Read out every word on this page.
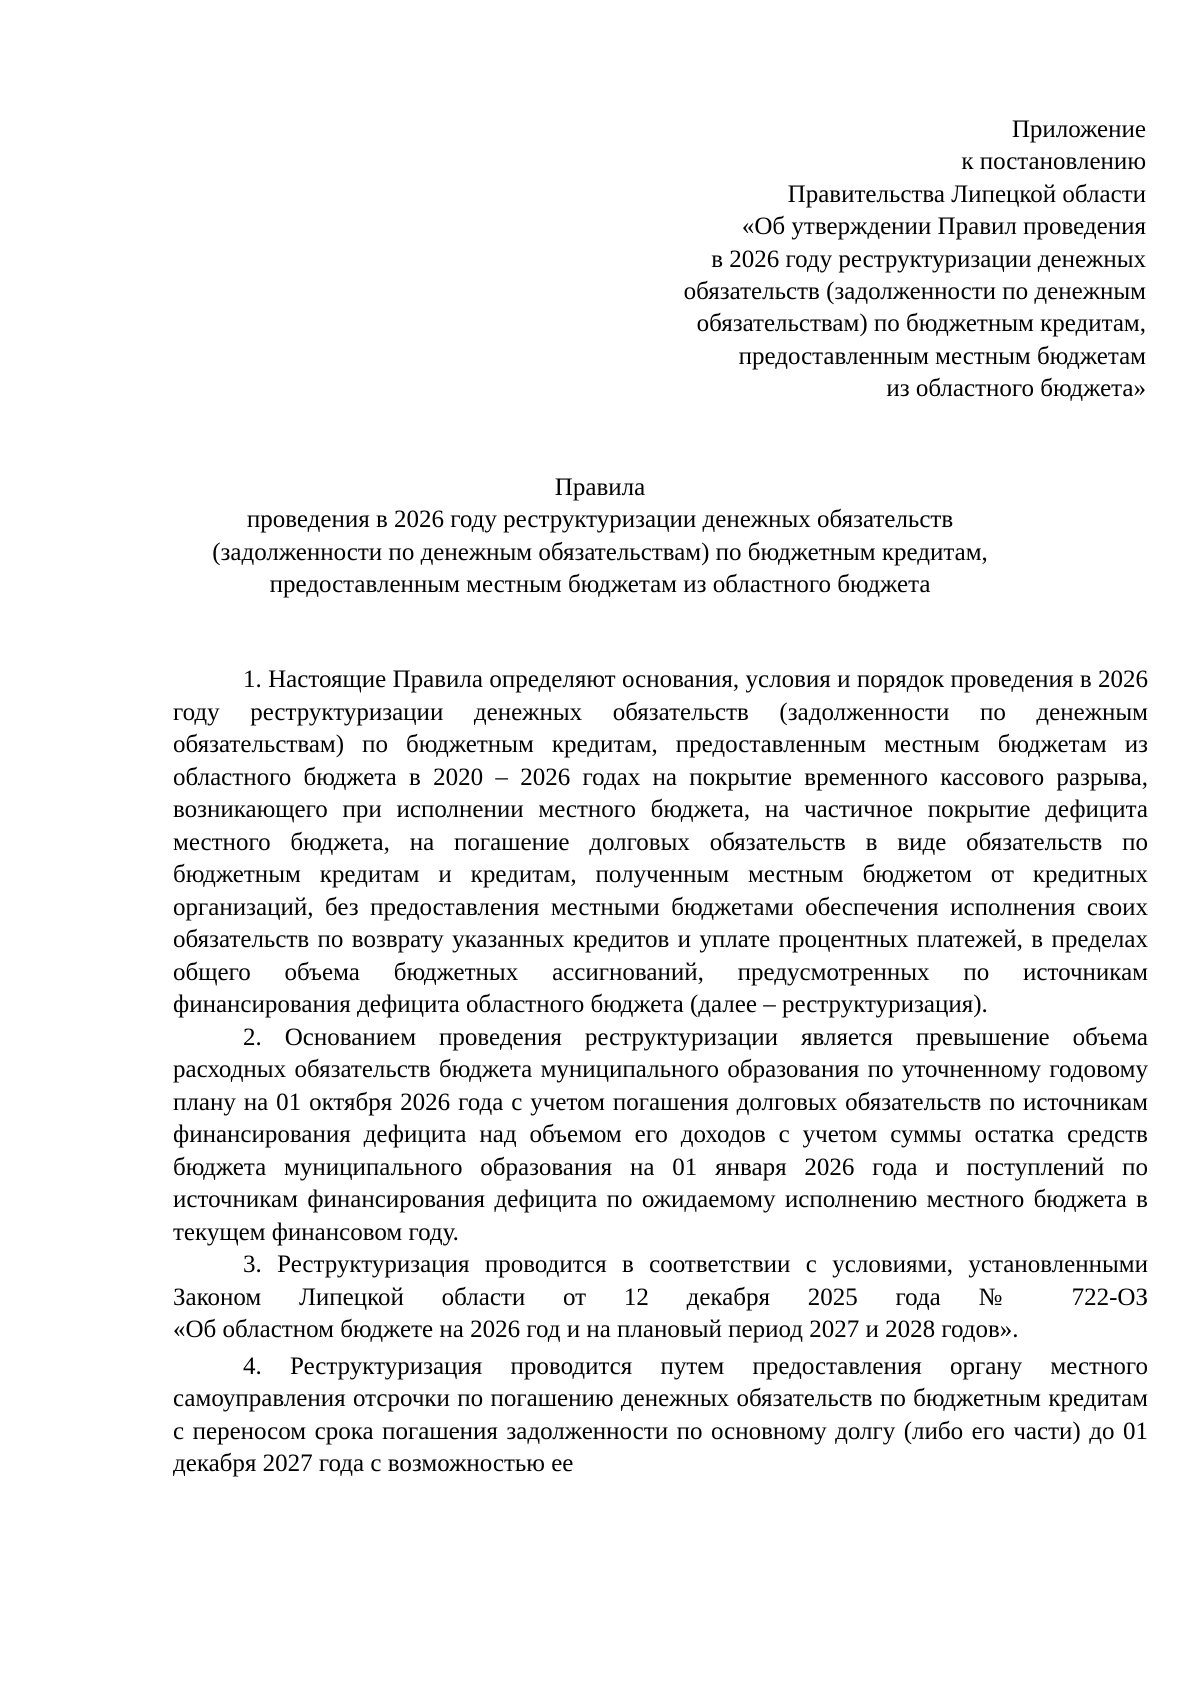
Приложение
к постановлению
Правительства Липецкой области
«Об утверждении Правил проведения
в 2026 году реструктуризации денежных
обязательств (задолженности по денежным
обязательствам) по бюджетным кредитам,
предоставленным местным бюджетам
из областного бюджета»
Правила
проведения в 2026 году реструктуризации денежных обязательств
(задолженности по денежным обязательствам) по бюджетным кредитам,
предоставленным местным бюджетам из областного бюджета

1. Настоящие Правила определяют основания, условия и порядок проведения в 2026 году реструктуризации денежных обязательств (задолженности по денежным обязательствам) по бюджетным кредитам, предоставленным местным бюджетам из областного бюджета в 2020 – 2026 годах на покрытие временного кассового разрыва, возникающего при исполнении местного бюджета, на частичное покрытие дефицита местного бюджета, на погашение долговых обязательств в виде обязательств по бюджетным кредитам и кредитам, полученным местным бюджетом от кредитных организаций, без предоставления местными бюджетами обеспечения исполнения своих обязательств по возврату указанных кредитов и уплате процентных платежей, в пределах общего объема бюджетных ассигнований, предусмотренных по источникам финансирования дефицита областного бюджета (далее – реструктуризация).

2. Основанием проведения реструктуризации является превышение объема расходных обязательств бюджета муниципального образования по уточненному годовому плану на 01 октября 2026 года с учетом погашения долговых обязательств по источникам финансирования дефицита над объемом его доходов с учетом суммы остатка средств бюджета муниципального образования на 01 января 2026 года и поступлений по источникам финансирования дефицита по ожидаемому исполнению местного бюджета в текущем финансовом году.

3. Реструктуризация проводится в соответствии с условиями, установленными Законом Липецкой области от 12 декабря 2025 года № 722-ОЗ «Об областном бюджете на 2026 год и на плановый период 2027 и 2028 годов».

4. Реструктуризация проводится путем предоставления органу местного самоуправления отсрочки по погашению денежных обязательств по бюджетным кредитам с переносом срока погашения задолженности по основному долгу (либо его части) до 01 декабря 2027 года с возможностью ее
